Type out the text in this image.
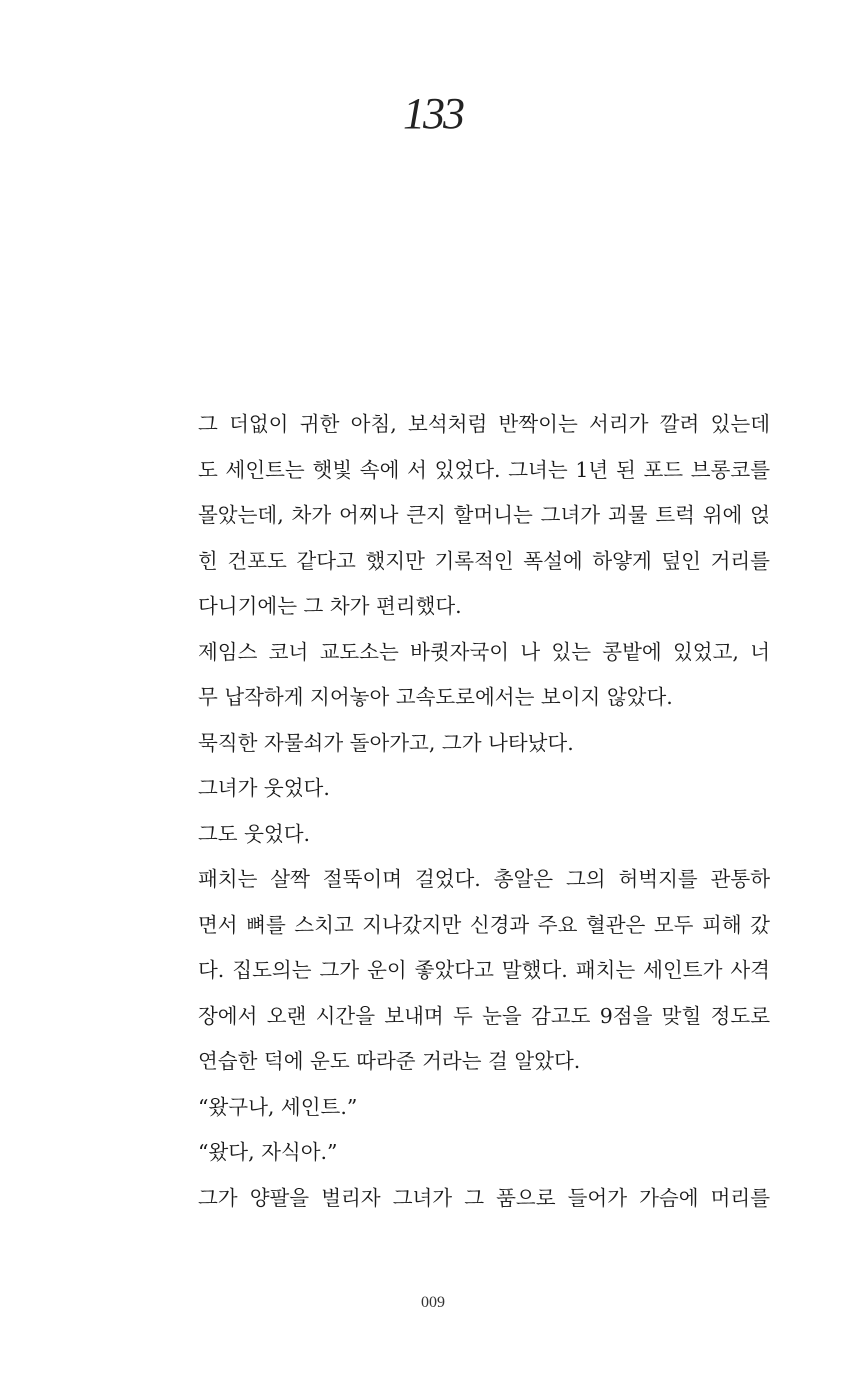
133

그 더없이 귀한 아침, 보석처럼 반짝이는 서리가 깔려 있는데
도 세인트는 햇빛 속에 서 있었다. 그녀는 1년 된 포드 브롱코를
몰았는데, 차가 어찌나 큰지 할머니는 그녀가 괴물 트럭 위에 얹
힌 건포도 같다고 했지만 기록적인 폭설에 하얗게 덮인 거리를
다니기에는 그 차가 편리했다.

제임스 코너 교도소는 바큇자국이 나 있는 콩밭에 있었고, 너
무 납작하게 지어놓아 고속도로에서는 보이지 않았다.

묵직한 자물쇠가 돌아가고, 그가 나타났다.

그녀가 웃었다.

그도 웃었다.

패치는 살짝 절뚝이며 걸었다. 총알은 그의 허벅지를 관통하
면서 뼈를 스치고 지나갔지만 신경과 주요 혈관은 모두 피해 갔
다. 집도의는 그가 운이 좋았다고 말했다. 패치는 세인트가 사격
장에서 오랜 시간을 보내며 두 눈을 감고도 9점을 맞힐 정도로
연습한 덕에 운도 따라준 거라는 걸 알았다.

“왔구나, 세인트.”

“왔다, 자식아.”

그가 양팔을 벌리자 그녀가 그 품으로 들어가 가슴에 머리를

009
